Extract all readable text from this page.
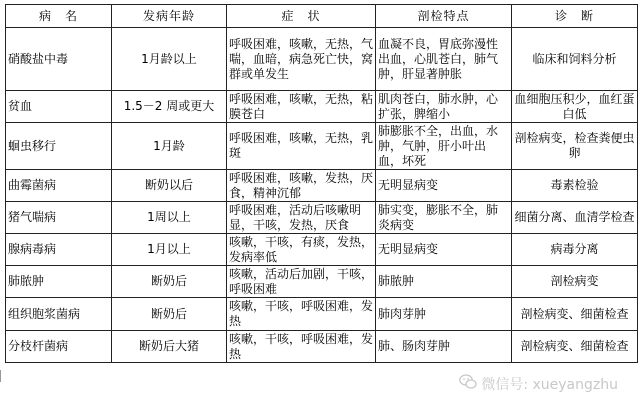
病　名	发病年龄	症　状	剖检特点	诊　断
硝酸盐中毒	1月龄以上	呼吸困难，咳嗽，无热，气喘，血暗，病急死亡快，窝群或单发生	血凝不良，胃底弥漫性出血，心肌苍白，肺气肿，肝显著肿胀	临床和饲料分析
贫血	1.5－2 周或更大	呼吸困难，咳嗽，无热，粘膜苍白	肌肉苍白，肺水肿，心扩张，脾缩小	血细胞压积少，血红蛋白低
蛔虫移行	1月龄	呼吸困难，咳嗽，无热，乳斑	肺膨胀不全，出血，水肿，气肿，肝小叶出血，坏死	剖检病变，检查粪便虫卵
曲霉菌病	断奶以后	呼吸困难，咳嗽，发热，厌食，精神沉郁	无明显病变	毒素检验
猪气喘病	1周以上	呼吸困难，活动后咳嗽明显，干咳，发热，厌食	肺实变，膨胀不全，肺炎病变	细菌分离、血清学检查
腺病毒病	1月以上	咳嗽，干咳，有痰，发热，发病率低	无明显病变	病毒分离
肺脓肿	断奶后	咳嗽，活动后加剧，干咳，呼吸困难	肺脓肿	剖检病变
组织胞浆菌病	断奶后	咳嗽，干咳，呼吸困难，发热	肺肉芽肿	剖检病变、细菌检查
分枝杆菌病	断奶后大猪	咳嗽，干咳，呼吸困难，发热	肺、肠肉芽肿	剖检病变、细菌检查
微信号: xueyangzhu
